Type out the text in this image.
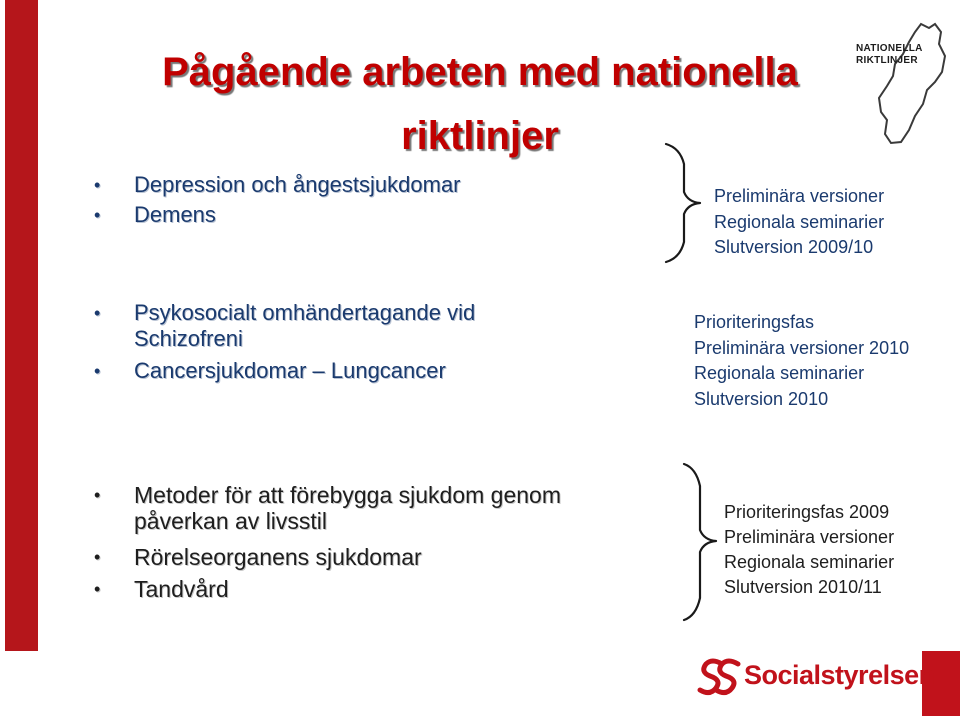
Pågående arbeten med nationella
riktlinjer
NATIONELLA
RIKTLINJER
• Depression och ångestsjukdomar
• Demens
Preliminära versioner
Regionala seminarier
Slutversion 2009/10
• Psykosocialt omhändertagande vid Schizofreni
• Cancersjukdomar – Lungcancer
Prioriteringsfas
Preliminära versioner 2010
Regionala seminarier
Slutversion 2010
• Metoder för att förebygga sjukdom genom påverkan av livsstil
• Rörelseorganens sjukdomar
• Tandvård
Prioriteringsfas 2009
Preliminära versioner
Regionala seminarier
Slutversion 2010/11
Socialstyrelsen
